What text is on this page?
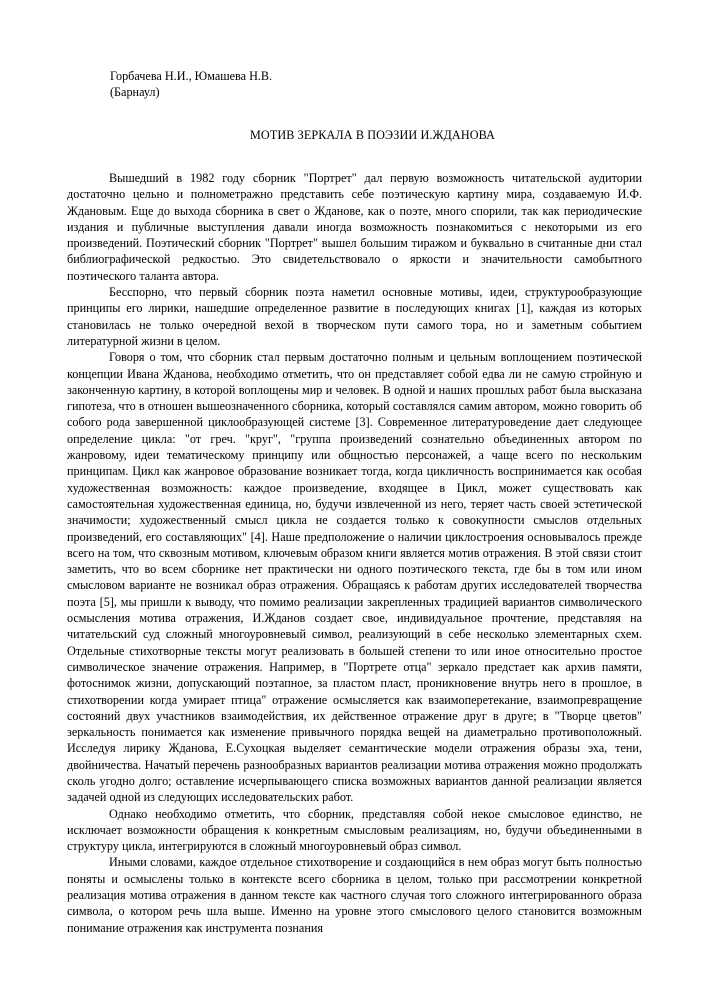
Горбачева Н.И., Юмашева Н.В.
(Барнаул)
МОТИВ ЗЕРКАЛА В ПОЭЗИИ И.ЖДАНОВА

Вышедший в 1982 году сборник "Портрет" дал первую возможность читательской аудитории достаточно цельно и полнометражно представить себе поэтическую картину мира, создаваемую И.Ф. Ждановым. Еще до выхода сборника в свет о Жданове, как о поэте, много спорили, так как периодические издания и публичные выступления давали иногда возможность познакомиться с некоторыми из его произведений. Поэтический сборник "Портрет" вышел большим тиражом и буквально в считанные дни стал библиографической редкостью. Это свидетельствовало о яркости и значительности самобытного поэтического таланта автора.

Бесспорно, что первый сборник поэта наметил основные мотивы, идеи, структурообразующие принципы его лирики, нашедшие определенное развитие в последующих книгах [1], каждая из которых становилась не только очередной вехой в творческом пути самого тора, но и заметным событием литературной жизни в целом.

Говоря о том, что сборник стал первым достаточно полным и цельным воплощением поэтической концепции Ивана Жданова, необходимо отметить, что он представляет собой едва ли не самую стройную и законченную картину, в которой воплощены мир и человек. В одной и наших прошлых работ была высказана гипотеза, что в отношен вышеозначенного сборника, который составлялся самим автором, можно говорить об собого рода завершенной циклообразующей системе [3]. Современное литературоведение дает следующее определение цикла: "от греч. "круг", "группа произведений сознательно объединенных автором по жанровому, идеи тематическому принципу или общностью персонажей, а чаще всего по нескольким принципам. Цикл как жанровое образование возникает тогда, когда цикличность воспринимается как особая художественная возможность: каждое произведение, входящее в Цикл, может существовать как самостоятельная художественная единица, но, будучи извлеченной из него, теряет часть своей эстетической значимости; художественный смысл цикла не создается только к совокупности смыслов отдельных произведений, его составляющих" [4]. Наше предположение о наличии циклостроения основывалось прежде всего на том, что сквозным мотивом, ключевым образом книги является мотив отражения. В этой связи стоит заметить, что во всем сборнике нет практически ни одного поэтического текста, где бы в том или ином смысловом варианте не возникал образ отражения. Обращаясь к работам других исследователей творчества поэта [5], мы пришли к выводу, что помимо реализации закрепленных традицией вариантов символического осмысления мотива отражения, И.Жданов создает свое, индивидуальное прочтение, представляя на читательский суд сложный многоуровневый символ, реализующий в себе несколько элементарных схем. Отдельные стихотворные тексты могут реализовать в большей степени то или иное относительно простое символическое значение отражения. Например, в "Портрете отца" зеркало предстает как архив памяти, фотоснимок жизни, допускающий поэтапное, за пластом пласт, проникновение внутрь него в прошлое, в стихотворении когда умирает птица" отражение осмысляется как взаимоперетекание, взаимопревращение состояний двух участников взаимодействия, их действенное отражение друг в друге; в "Творце цветов" зеркальность понимается как изменение привычного порядка вещей на диаметрально противоположный. Исследуя лирику Жданова, Е.Сухоцкая выделяет семантические модели отражения образы эха, тени, двойничества. Начатый перечень разнообразных вариантов реализации мотива отражения можно продолжать сколь угодно долго; оставление исчерпывающего списка возможных вариантов данной реализации является задачей одной из следующих исследовательских работ.

Однако необходимо отметить, что сборник, представляя собой некое смысловое единство, не исключает возможности обращения к конкретным смысловым реализациям, но, будучи объединенными в структуру цикла, интегрируются в сложный многоуровневый образ символ.

Иными словами, каждое отдельное стихотворение и создающийся в нем образ могут быть полностью поняты и осмыслены только в контексте всего сборника в целом, только при рассмотрении конкретной реализация мотива отражения в данном тексте как частного случая того сложного интегрированного образа символа, о котором речь шла выше. Именно на уровне этого смыслового целого становится возможным понимание отражения как инструмента познания
